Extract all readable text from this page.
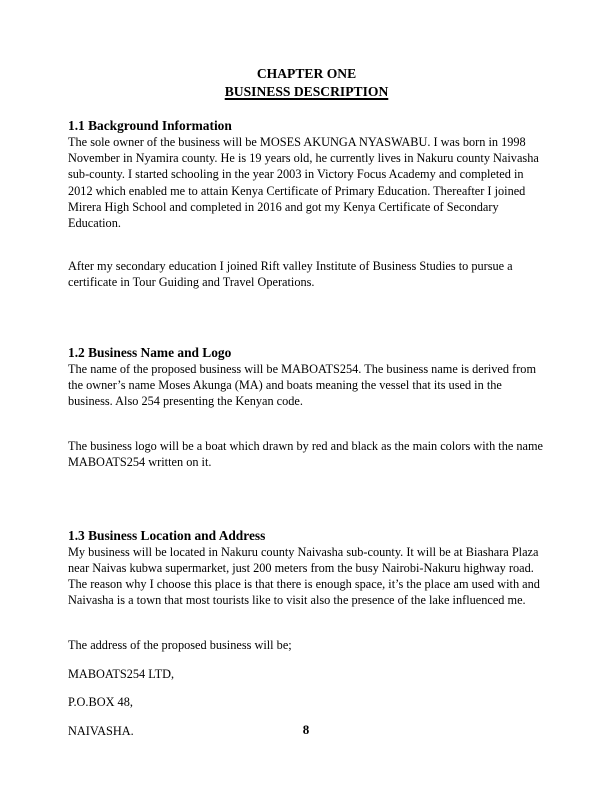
CHAPTER ONE
BUSINESS DESCRIPTION

1.1 Background Information

The sole owner of the business will be MOSES AKUNGA NYASWABU. I was born in 1998 November in Nyamira county. He is 19 years old, he currently lives in Nakuru county Naivasha sub-county. I started schooling in the year 2003 in Victory Focus Academy and completed in 2012 which enabled me to attain Kenya Certificate of Primary Education. Thereafter I joined Mirera High School and completed in 2016 and got my Kenya Certificate of Secondary Education.

After my secondary education I joined Rift valley Institute of Business Studies to pursue a certificate in Tour Guiding and Travel Operations.

1.2 Business Name and Logo

The name of the proposed business will be MABOATS254. The business name is derived from the owner’s name Moses Akunga (MA) and boats meaning the vessel that its used in the business. Also 254 presenting the Kenyan code.

The business logo will be a boat which drawn by red and black as the main colors with the name MABOATS254 written on it.

1.3 Business Location and Address

My business will be located in Nakuru county Naivasha sub-county. It will be at Biashara Plaza near Naivas kubwa supermarket, just 200 meters from the busy Nairobi-Nakuru highway road. The reason why I choose this place is that there is enough space, it’s the place am used with and Naivasha is a town that most tourists like to visit also the presence of the lake influenced me.

The address of the proposed business will be;

MABOATS254 LTD,

P.O.BOX 48,

NAIVASHA.	8
